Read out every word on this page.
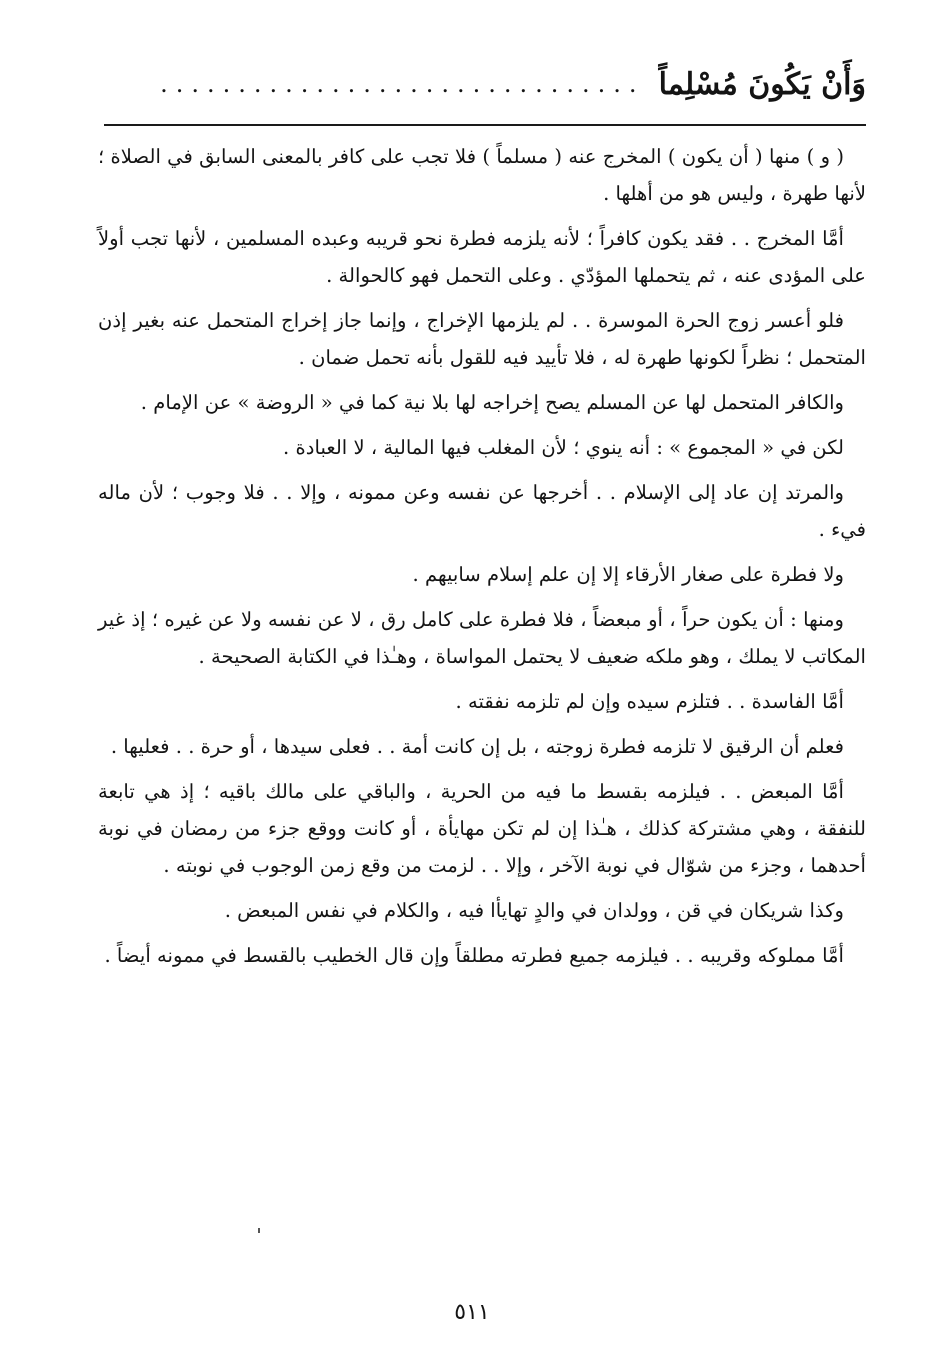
وَأَنْ يَكُونَ مُسْلِماً
...............................

( و ) منها ( أن يكون ) المخرج عنه ( مسلماً ) فلا تجب على كافر بالمعنى السابق في الصلاة ؛ لأنها طهرة ، وليس هو من أهلها .

أمَّا المخرج . . فقد يكون كافراً ؛ لأنه يلزمه فطرة نحو قريبه وعبده المسلمين ، لأنها تجب أولاً على المؤدى عنه ، ثم يتحملها المؤدّي . وعلى التحمل فهو كالحوالة .

فلو أعسر زوج الحرة الموسرة . . لم يلزمها الإخراج ، وإنما جاز إخراج المتحمل عنه بغير إذن المتحمل ؛ نظراً لكونها طهرة له ، فلا تأييد فيه للقول بأنه تحمل ضمان .

والكافر المتحمل لها عن المسلم يصح إخراجه لها بلا نية كما في « الروضة » عن الإمام .

لكن في « المجموع » : أنه ينوي ؛ لأن المغلب فيها المالية ، لا العبادة .

والمرتد إن عاد إلى الإسلام . . أخرجها عن نفسه وعن ممونه ، وإلا . . فلا وجوب ؛ لأن ماله فيء .

ولا فطرة على صغار الأرقاء إلا إن علم إسلام سابيهم .

ومنها : أن يكون حراً ، أو مبعضاً ، فلا فطرة على كامل رق ، لا عن نفسه ولا عن غيره ؛ إذ غير المكاتب لا يملك ، وهو ملكه ضعيف لا يحتمل المواساة ، وهـٰذا في الكتابة الصحيحة .

أمَّا الفاسدة . . فتلزم سيده وإن لم تلزمه نفقته .

فعلم أن الرقيق لا تلزمه فطرة زوجته ، بل إن كانت أمة . . فعلى سيدها ، أو حرة . . فعليها .

أمَّا المبعض . . فيلزمه بقسط ما فيه من الحرية ، والباقي على مالك باقيه ؛ إذ هي تابعة للنفقة ، وهي مشتركة كذلك ، هـٰذا إن لم تكن مهايأة ، أو كانت ووقع جزء من رمضان في نوبة أحدهما ، وجزء من شوّال في نوبة الآخر ، وإلا . . لزمت من وقع زمن الوجوب في نوبته .

وكذا شريكان في قن ، وولدان في والدٍ تهايأا فيه ، والكلام في نفس المبعض .

أمَّا مملوكه وقريبه . . فيلزمه جميع فطرته مطلقاً وإن قال الخطيب بالقسط في ممونه أيضاً .

٥١١
